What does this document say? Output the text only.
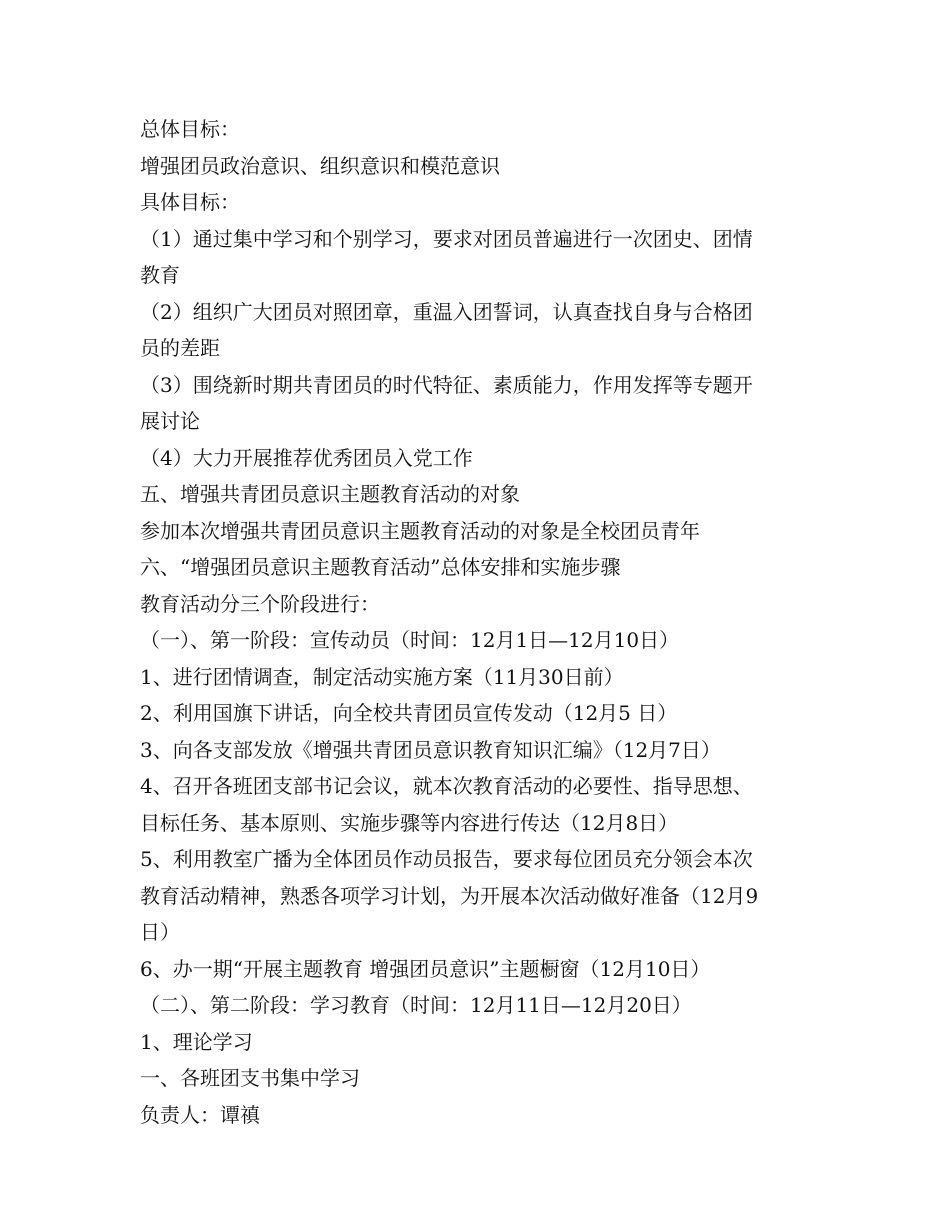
总体目标：

增强团员政治意识、组织意识和模范意识

具体目标：

（1）通过集中学习和个别学习，要求对团员普遍进行一次团史、团情

教育

（2）组织广大团员对照团章，重温入团誓词，认真查找自身与合格团

员的差距

（3）围绕新时期共青团员的时代特征、素质能力，作用发挥等专题开

展讨论

（4）大力开展推荐优秀团员入党工作

五、增强共青团员意识主题教育活动的对象

参加本次增强共青团员意识主题教育活动的对象是全校团员青年

六、“增强团员意识主题教育活动”总体安排和实施步骤

教育活动分三个阶段进行：

（一）、第一阶段：宣传动员（时间：12月1日—12月10日）

1、进行团情调查，制定活动实施方案（11月30日前）

2、利用国旗下讲话，向全校共青团员宣传发动（12月5 日）

3、向各支部发放《增强共青团员意识教育知识汇编》（12月7日）

4、召开各班团支部书记会议，就本次教育活动的必要性、指导思想、

目标任务、基本原则、实施步骤等内容进行传达（12月8日）

5、利用教室广播为全体团员作动员报告，要求每位团员充分领会本次

教育活动精神，熟悉各项学习计划，为开展本次活动做好准备（12月9

日）

6、办一期“开展主题教育 增强团员意识”主题橱窗（12月10日）

（二）、第二阶段：学习教育（时间：12月11日—12月20日）

1、理论学习

一、各班团支书集中学习

负责人：谭禛
